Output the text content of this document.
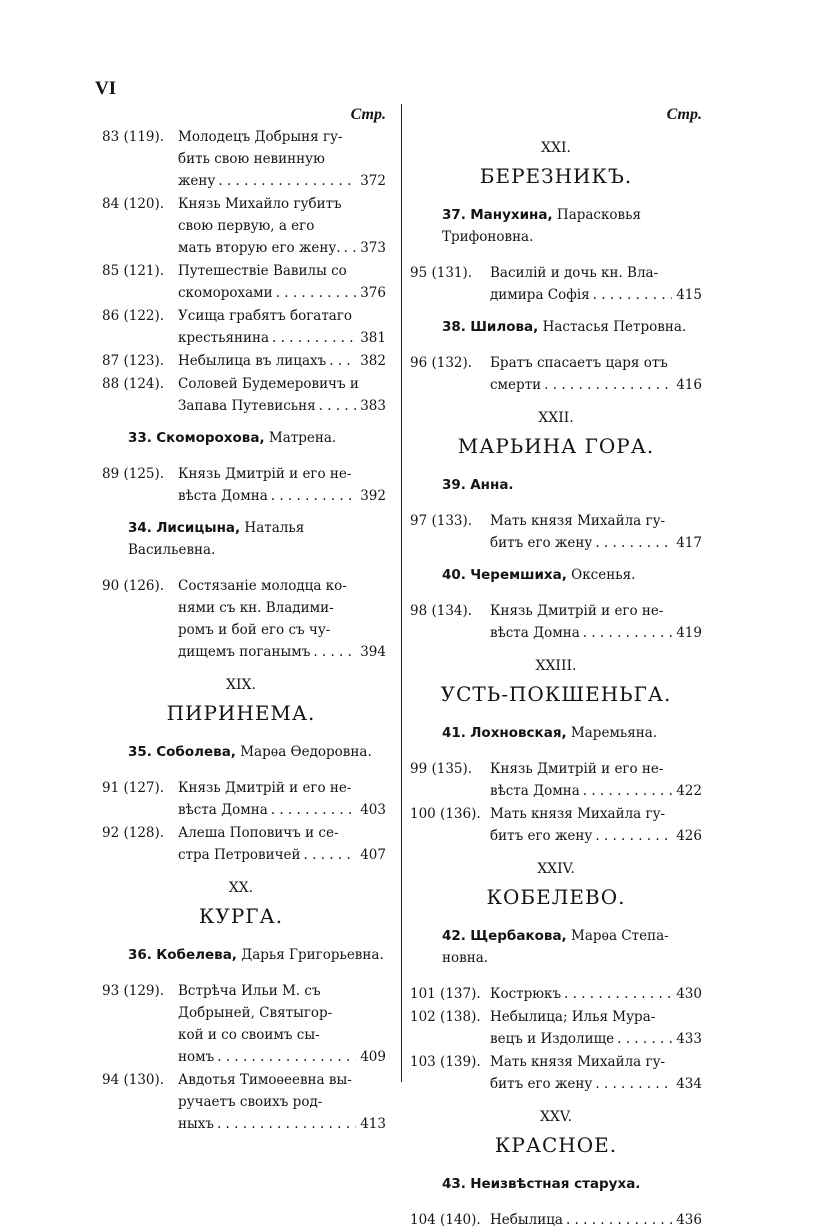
VI
Стр.
83 (119). Молодецъ Добрыня гу-
бить свою невинную
жену . . .	372
84 (120). Князь Михайло губитъ
свою первую, а его
мать вторую его жену. . . . 373
85 (121). Путешествіе Вавилы со
скоморохами . . .	376
86 (122). Усища грабятъ богатаго
крестьянина . . .	381
87 (123). Небылица въ лицахъ . . .	382
88 (124). Соловей Будемеровичъ и
Запава Путевисьня . . .	383
33. Скоморохова, Матрена.
89 (125). Князь Дмитрій и его не-
вѣста Домна . . .	392
34. Лисицына, Наталья Васильевна.
90 (126). Состязаніе молодца ко-
нями съ кн. Владими-
ромъ и бой его съ чу-
дищемъ поганымъ . . .	394
XIX.
ПИРИНЕМА.
35. Соболева, Марѳа Ѳедоровна.
91 (127). Князь Дмитрій и его не-
вѣста Домна . . .	403
92 (128). Алеша Поповичъ и се-
стра Петровичей . . .	407
XX.
КУРГА.
36. Кобелева, Дарья Григорьевна.
93 (129). Встрѣча Ильи М. съ
Добрыней, Святыгор-
кой и со своимъ сы-
номъ . . .	409
94 (130). Авдотья Тимоѳеевна вы-
ручаетъ своихъ род-
ныхъ . . .	413
Стр.
XXI.
БЕРЕЗНИКЪ.
37. Манухина, Парасковья Трифоновна.
95 (131). Василій и дочь кн. Вла-
димира Софія . . .	415
38. Шилова, Настасья Петровна.
96 (132). Братъ спасаетъ царя отъ
смерти . . .	416
XXII.
МАРЬИНА ГОРА.
39. Анна.
97 (133). Мать князя Михайла гу-
битъ его жену . . .	417
40. Черемшиха, Оксенья.
98 (134). Князь Дмитрій и его не-
вѣста Домна . . .	419
XXIII.
УСТЬ-ПОКШЕНЬГА.
41. Лохновская, Маремьяна.
99 (135). Князь Дмитрій и его не-
вѣста Домна . . .	422
100 (136). Мать князя Михайла гу-
битъ его жену . . .	426
XXIV.
КОБЕЛЕВО.
42. Щербакова, Марѳа Степа-новна.
101 (137). Кострюкъ . . .	430
102 (138). Небылица; Илья Мура-
вецъ и Издолище . . .	433
103 (139). Мать князя Михайла гу-
битъ его жену . . .	434
XXV.
КРАСНОЕ.
43. Неизвѣстная старуха.
104 (140). Небылица . . .	436
